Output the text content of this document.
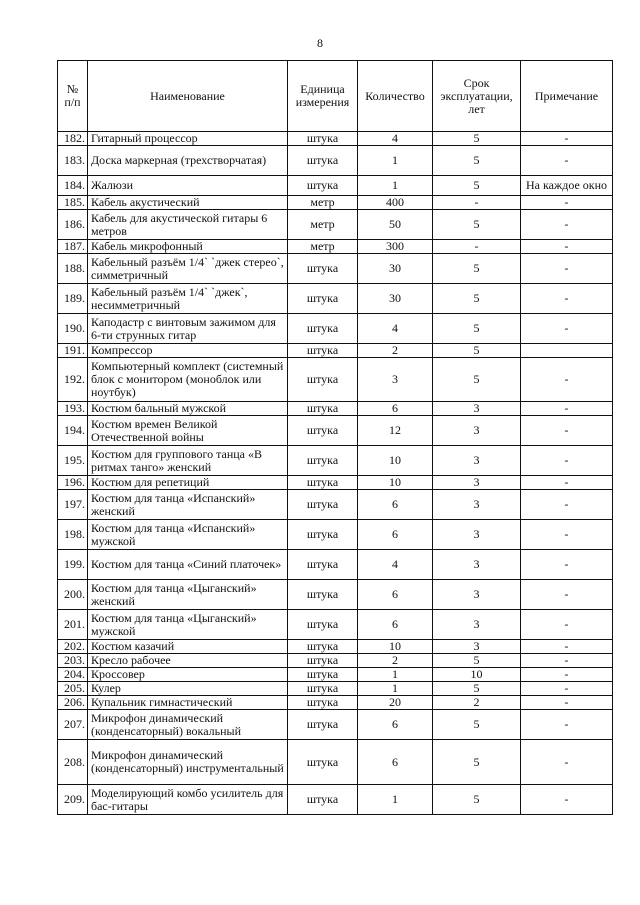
8
№ п/п	Наименование	Единица измерения	Количество	Срок эксплуатации, лет	Примечание
182.	Гитарный процессор	штука	4	5	-
183.	Доска маркерная (трехстворчатая)	штука	1	5	-
184.	Жалюзи	штука	1	5	На каждое окно
185.	Кабель акустический	метр	400	-	-
186.	Кабель для акустической гитары 6 метров	метр	50	5	-
187.	Кабель микрофонный	метр	300	-	-
188.	Кабельный разъём 1/4` `джек стерео`, симметричный	штука	30	5	-
189.	Кабельный разъём 1/4` `джек`, несимметричный	штука	30	5	-
190.	Каподастр с винтовым зажимом для 6-ти струнных гитар	штука	4	5	-
191.	Компрессор	штука	2	5	
192.	Компьютерный комплект (системный блок с монитором (моноблок или ноутбук)	штука	3	5	-
193.	Костюм бальный мужской	штука	6	3	-
194.	Костюм времен Великой Отечественной войны	штука	12	3	-
195.	Костюм для группового танца «В ритмах танго» женский	штука	10	3	-
196.	Костюм для репетиций	штука	10	3	-
197.	Костюм для танца «Испанский» женский	штука	6	3	-
198.	Костюм для танца «Испанский» мужской	штука	6	3	-
199.	Костюм для танца «Синий платочек»	штука	4	3	-
200.	Костюм для танца «Цыганский» женский	штука	6	3	-
201.	Костюм для танца «Цыганский» мужской	штука	6	3	-
202.	Костюм казачий	штука	10	3	-
203.	Кресло рабочее	штука	2	5	-
204.	Кроссовер	штука	1	10	-
205.	Кулер	штука	1	5	-
206.	Купальник гимнастический	штука	20	2	-
207.	Микрофон динамический (конденсаторный) вокальный	штука	6	5	-
208.	Микрофон динамический (конденсаторный) инструментальный	штука	6	5	-
209.	Моделирующий комбо усилитель для бас-гитары	штука	1	5	-
